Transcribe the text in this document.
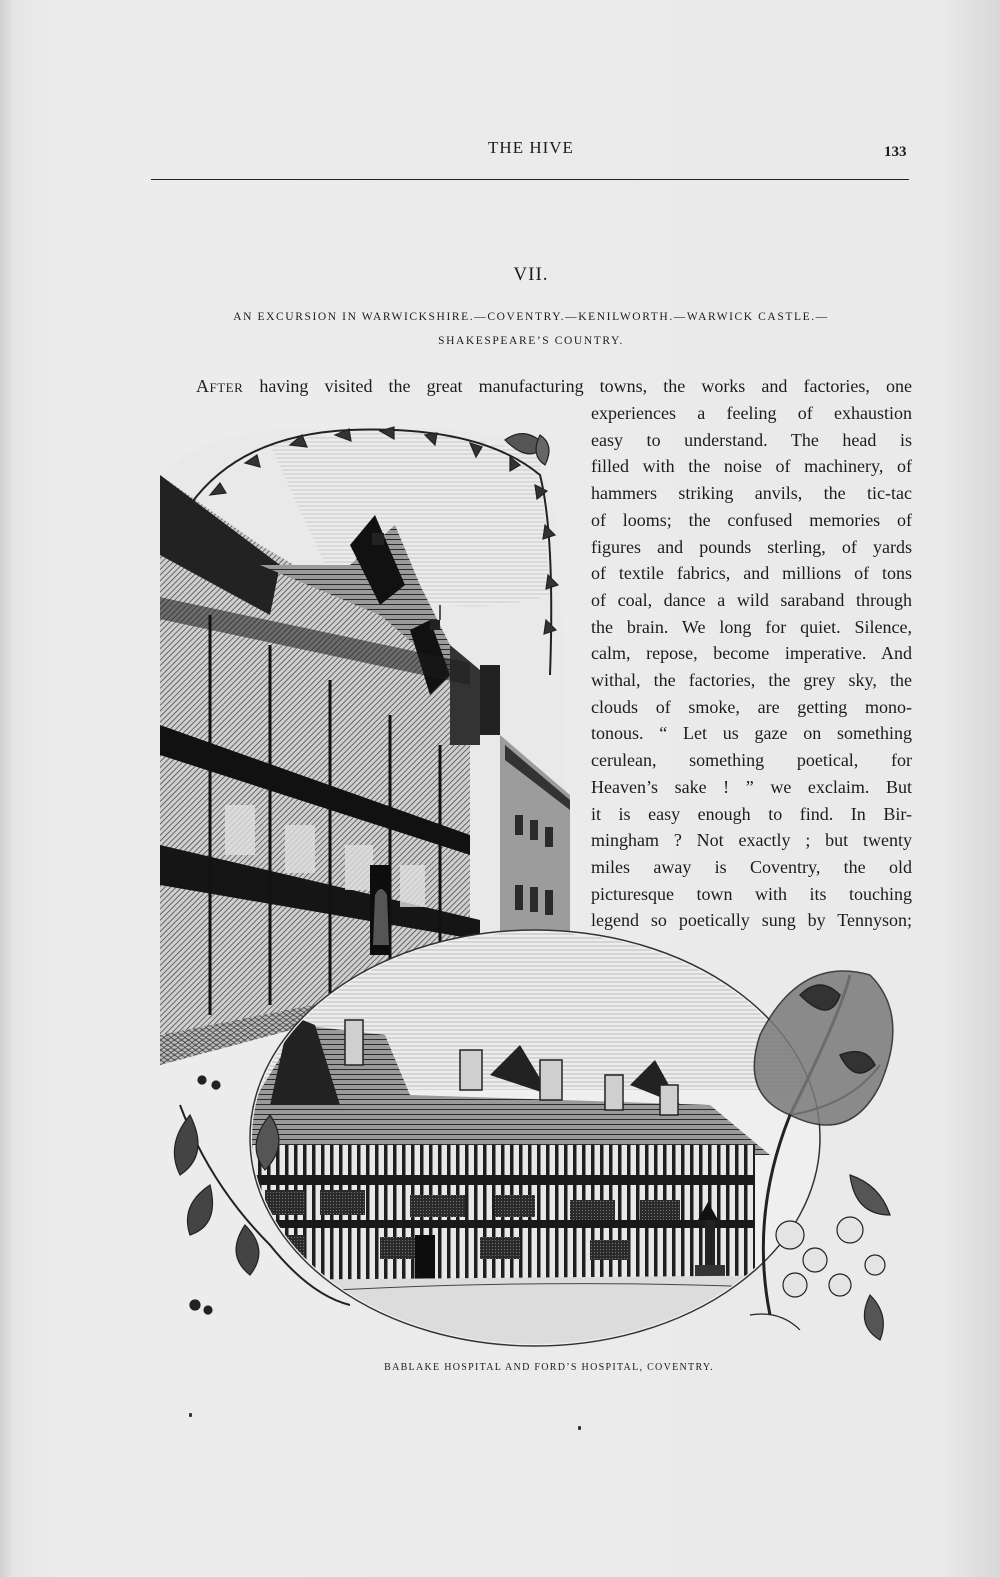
THE HIVE	133
VII.
AN EXCURSION IN WARWICKSHIRE.—COVENTRY.—KENILWORTH.—WARWICK CASTLE.—
SHAKESPEARE’S COUNTRY.
After having visited the great manufacturing towns, the works and factories, one
experiences a feeling of exhaustion
easy to understand. The head is
filled with the noise of machinery, of
hammers striking anvils, the tic-tac
of looms; the confused memories of
figures and pounds sterling, of yards
of textile fabrics, and millions of tons
of coal, dance a wild saraband through
the brain. We long for quiet. Silence,
calm, repose, become imperative. And
withal, the factories, the grey sky, the
clouds of smoke, are getting mono-
tonous. “ Let us gaze on something
cerulean, something poetical, for
Heaven’s sake ! ” we exclaim. But
it is easy enough to find. In Bir-
mingham ? Not exactly ; but twenty
miles away is Coventry, the old
picturesque town with its touching
legend so poetically sung by Tennyson;
BABLAKE HOSPITAL AND FORD’S HOSPITAL, COVENTRY.
